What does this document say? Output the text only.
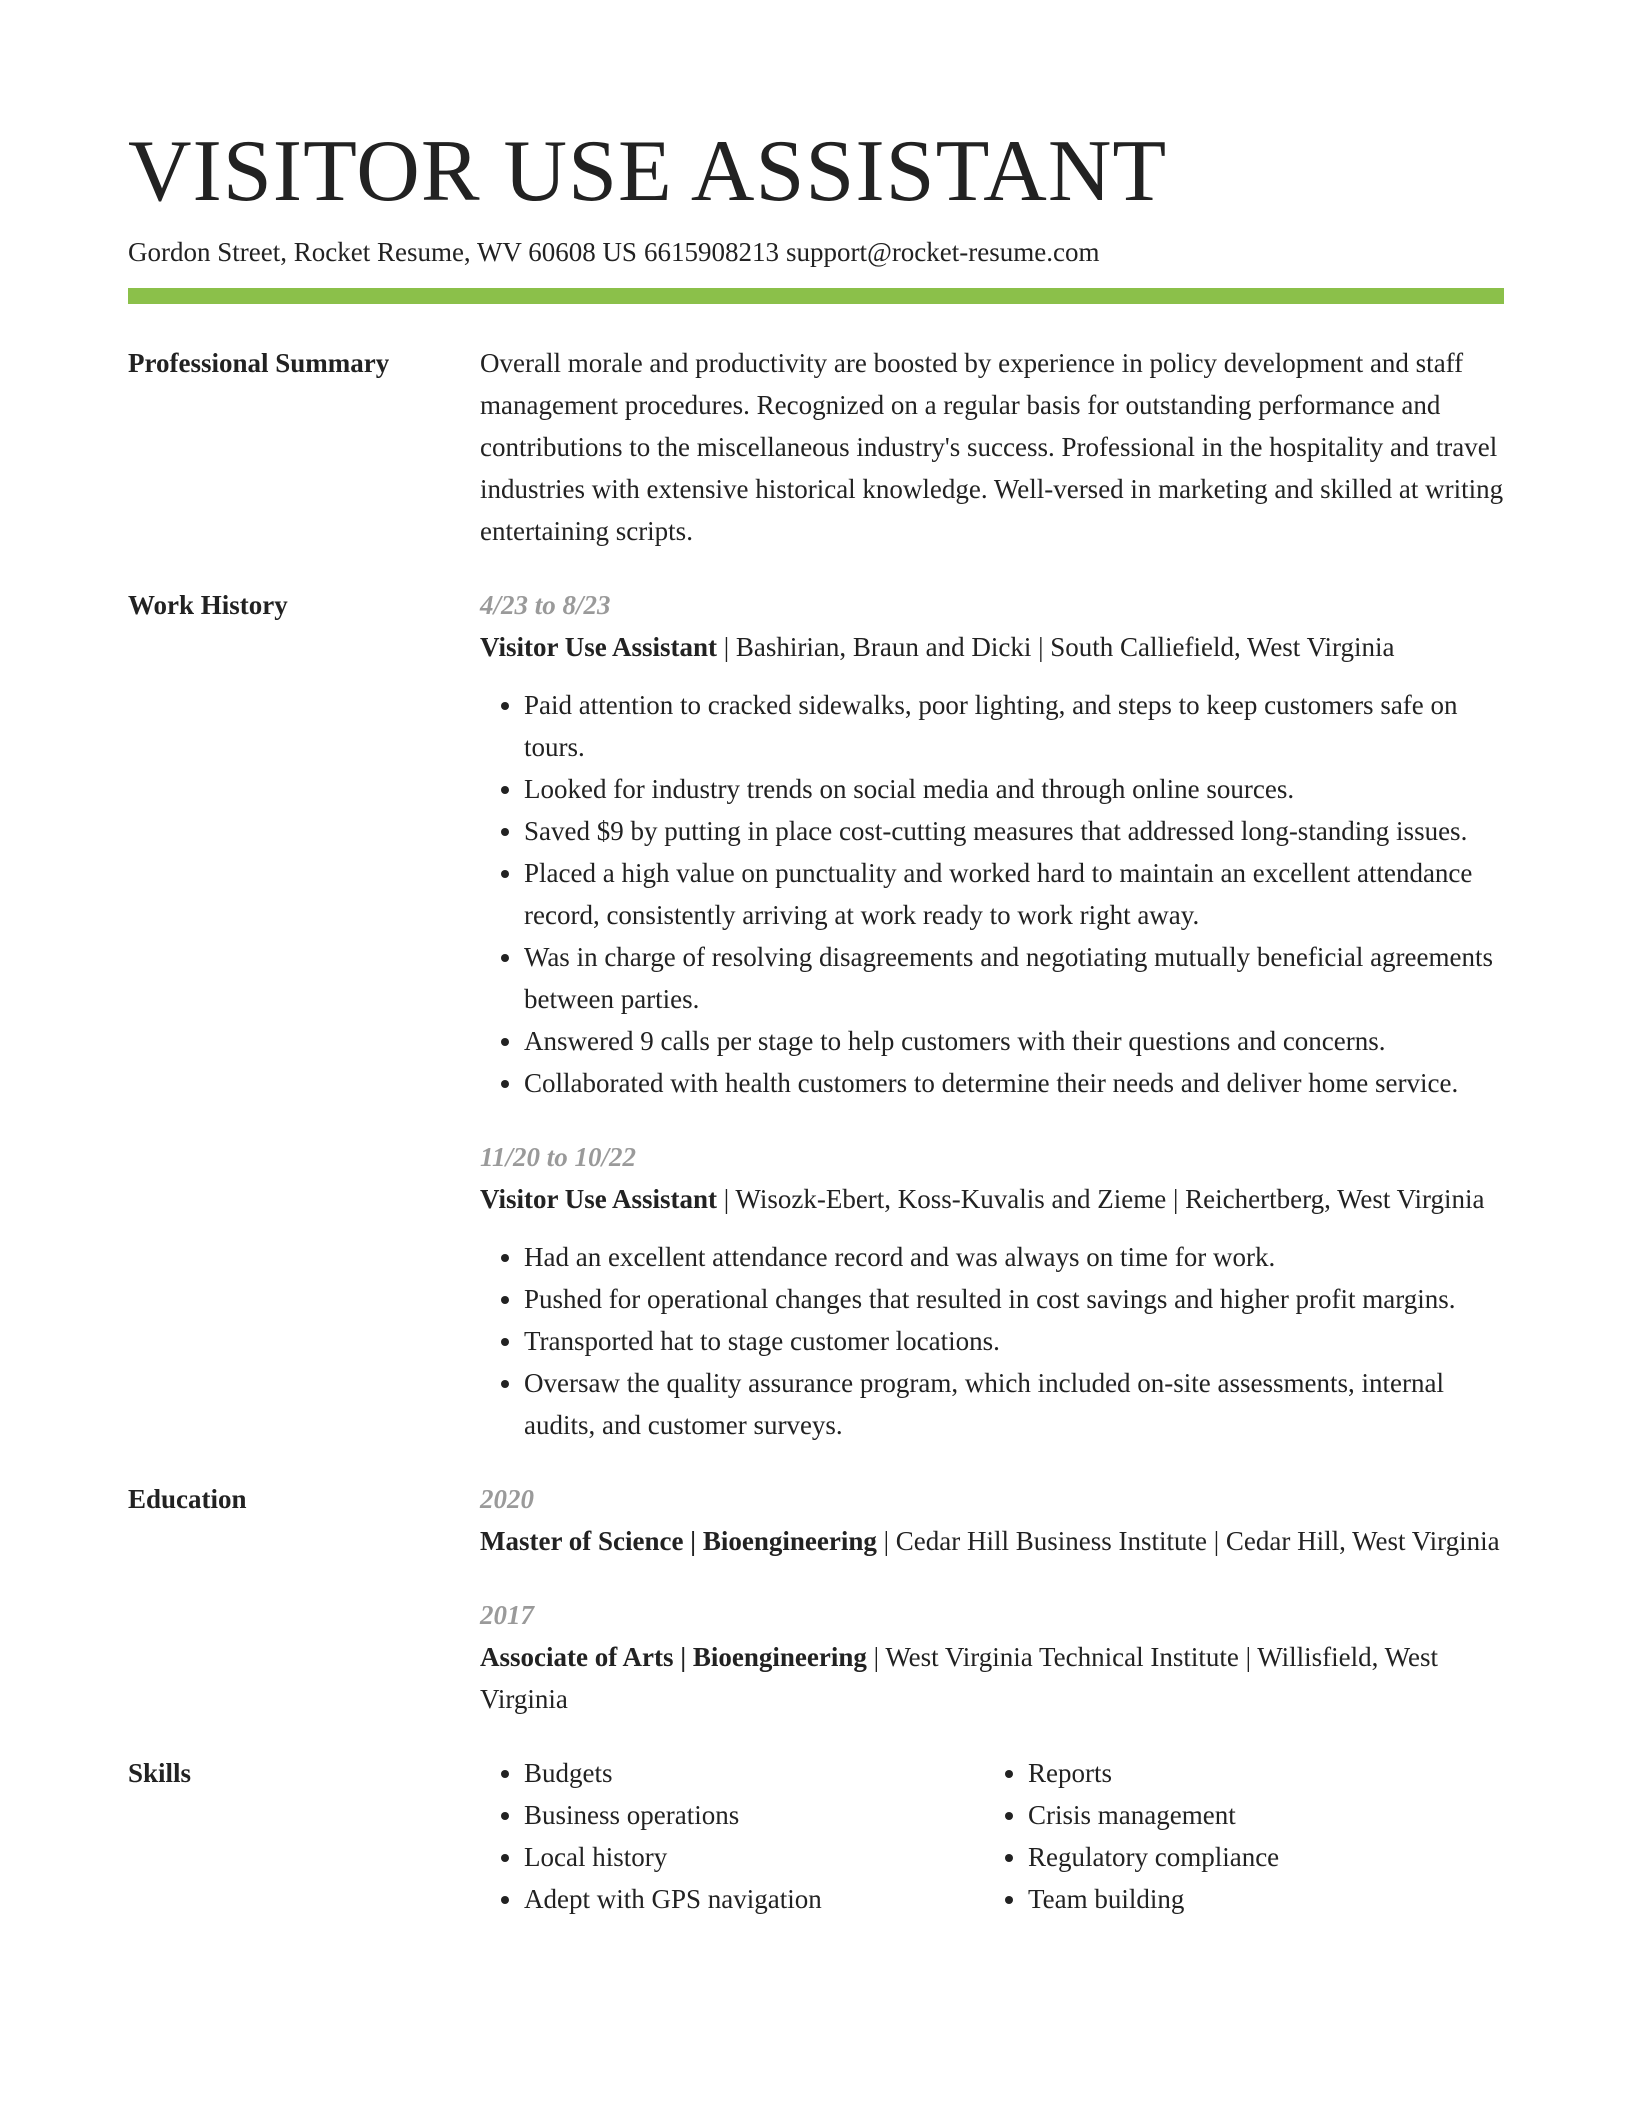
VISITOR USE ASSISTANT
Gordon Street, Rocket Resume, WV 60608 US 6615908213 support@rocket-resume.com
Professional Summary	Overall morale and productivity are boosted by experience in policy development and staff management procedures. Recognized on a regular basis for outstanding performance and contributions to the miscellaneous industry's success. Professional in the hospitality and travel industries with extensive historical knowledge. Well-versed in marketing and skilled at writing entertaining scripts.

Work History	4/23 to 8/23
Visitor Use Assistant | Bashirian, Braun and Dicki | South Calliefield, West Virginia
• Paid attention to cracked sidewalks, poor lighting, and steps to keep customers safe on tours.
• Looked for industry trends on social media and through online sources.
• Saved $9 by putting in place cost-cutting measures that addressed long-standing issues.
• Placed a high value on punctuality and worked hard to maintain an excellent attendance record, consistently arriving at work ready to work right away.
• Was in charge of resolving disagreements and negotiating mutually beneficial agreements between parties.
• Answered 9 calls per stage to help customers with their questions and concerns.
• Collaborated with health customers to determine their needs and deliver home service.
11/20 to 10/22
Visitor Use Assistant | Wisozk-Ebert, Koss-Kuvalis and Zieme | Reichertberg, West Virginia
• Had an excellent attendance record and was always on time for work.
• Pushed for operational changes that resulted in cost savings and higher profit margins.
• Transported hat to stage customer locations.
• Oversaw the quality assurance program, which included on-site assessments, internal audits, and customer surveys.
Education	2020
Master of Science | Bioengineering | Cedar Hill Business Institute | Cedar Hill, West Virginia
2017
Associate of Arts | Bioengineering | West Virginia Technical Institute | Willisfield, West Virginia
Skills
•	Budgets
• Business operations
• Local history
• Adept with GPS navigation
• Reports
• Crisis management
• Regulatory compliance
• Team building
